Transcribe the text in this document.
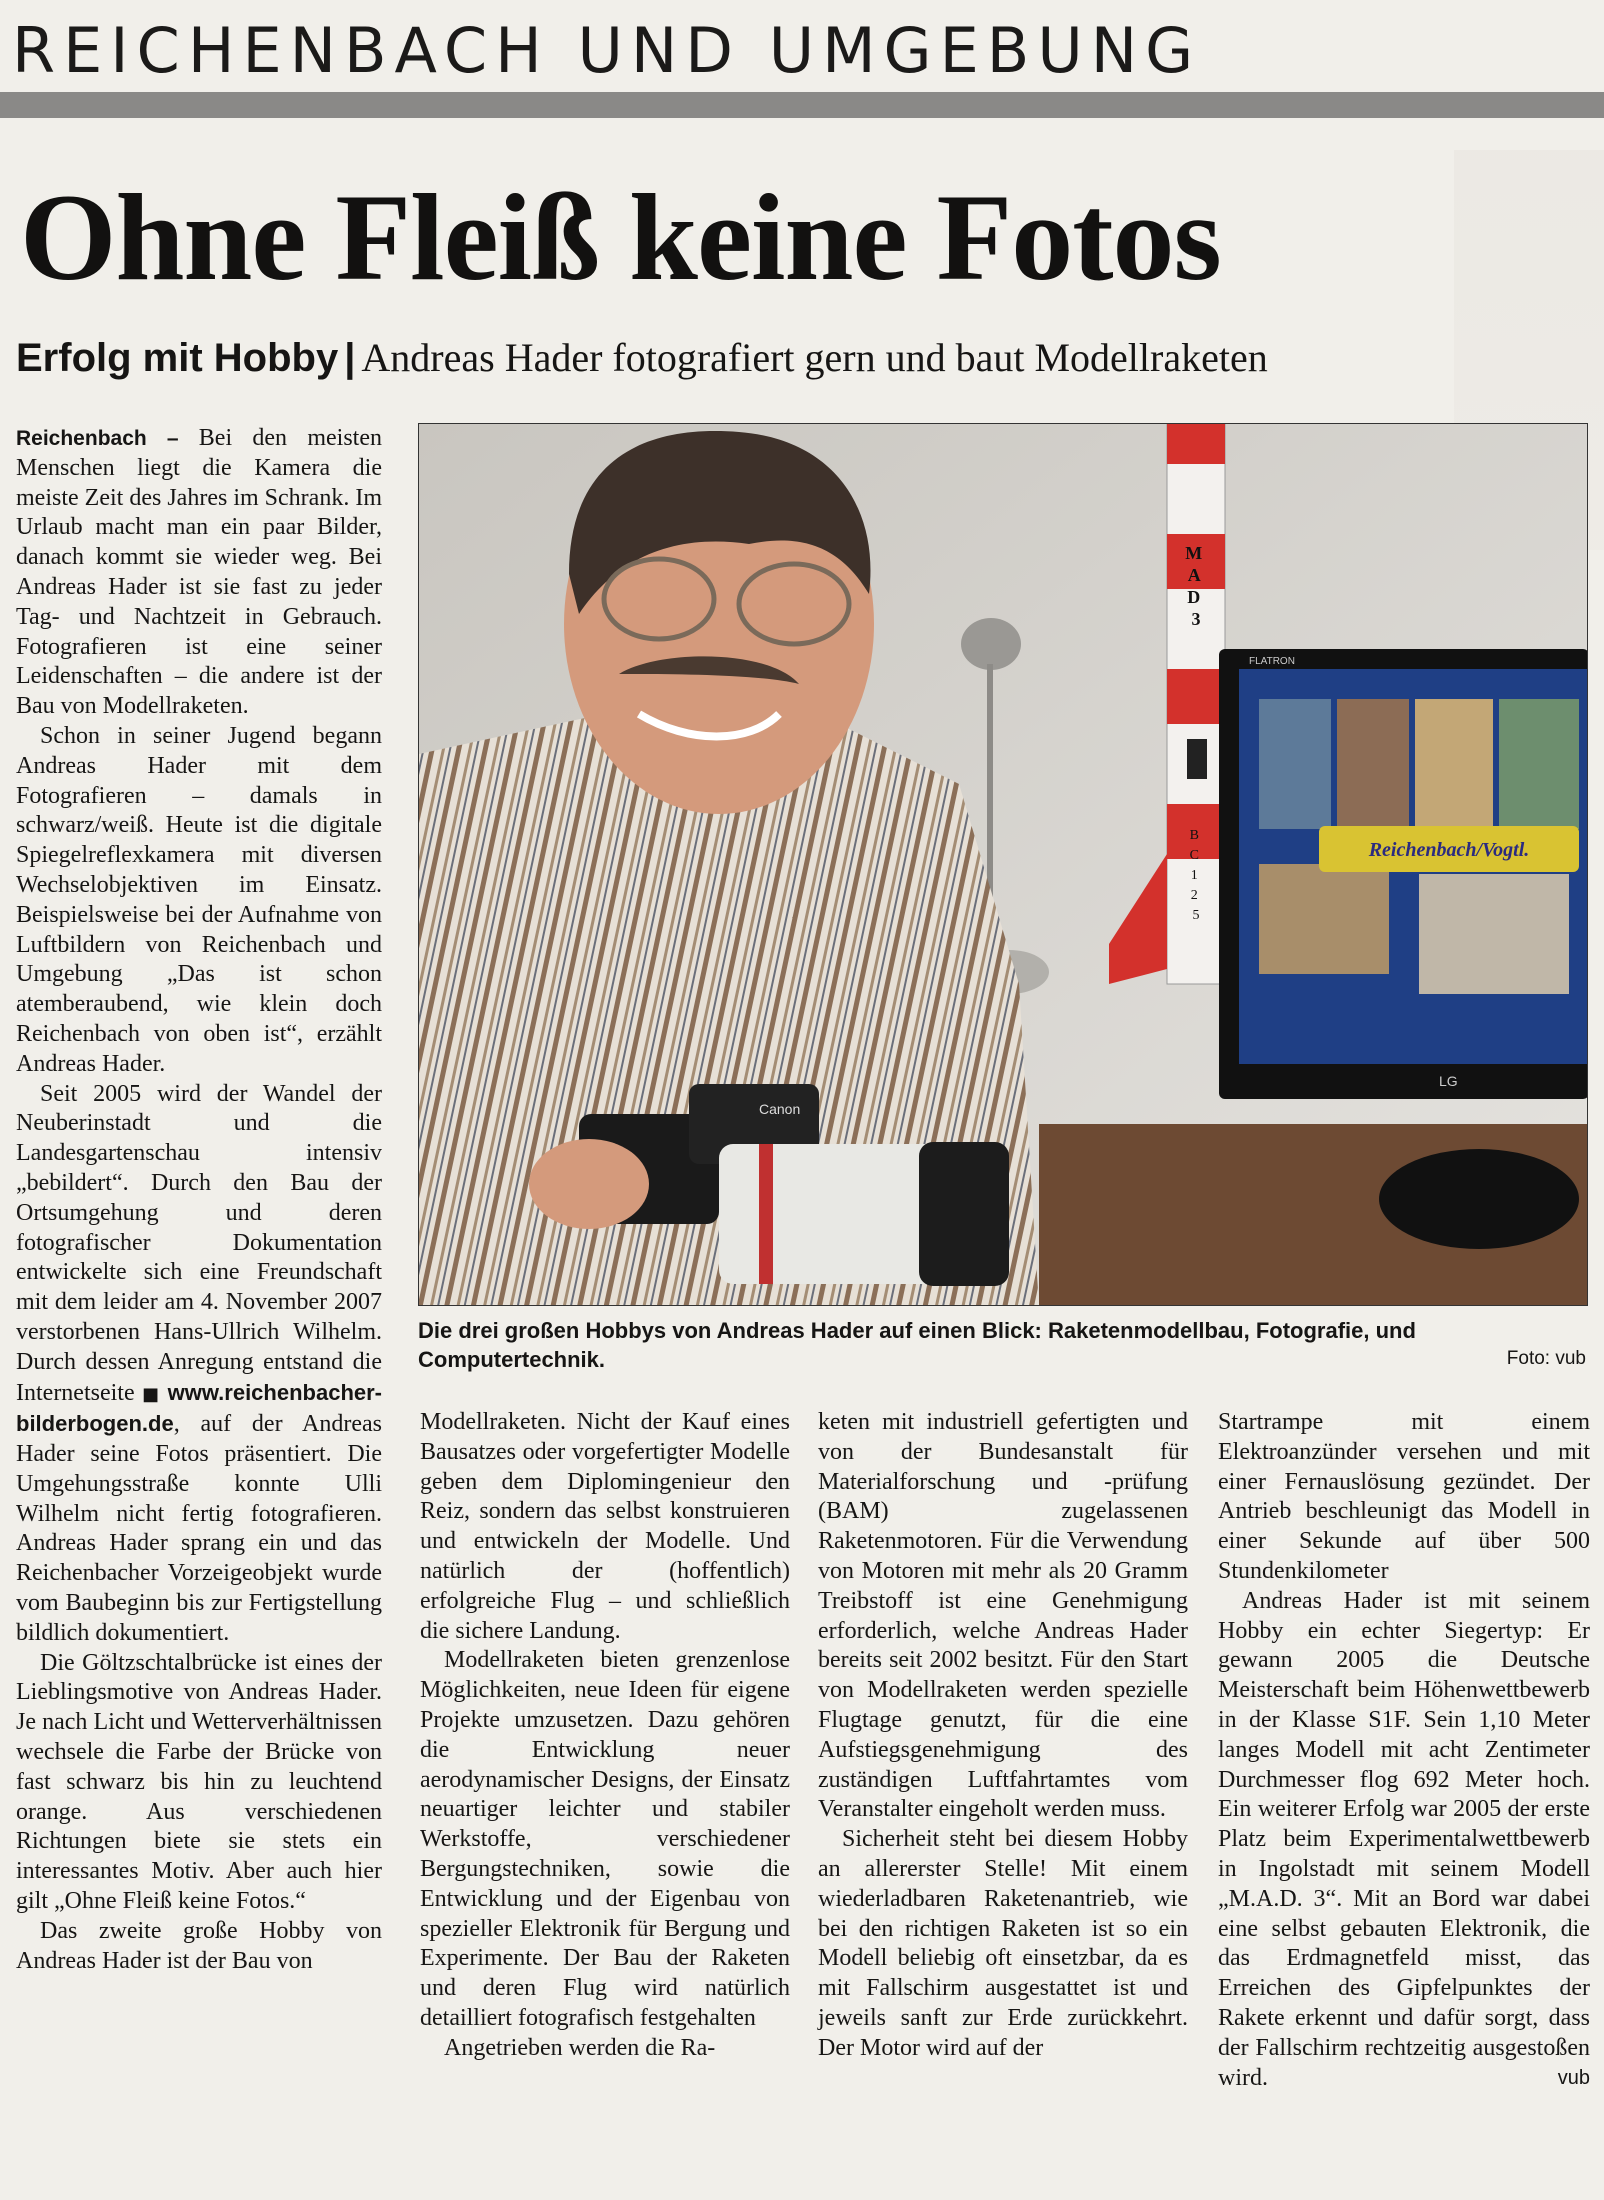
REICHENBACH UND UMGEBUNG
Ohne Fleiß keine Fotos
Erfolg mit Hobby | Andreas Hader fotografiert gern und baut Modellraketen

Reichenbach – Bei den meisten Menschen liegt die Kamera die meiste Zeit des Jahres im Schrank. Im Urlaub macht man ein paar Bilder, danach kommt sie wieder weg. Bei Andreas Hader ist sie fast zu jeder Tag- und Nachtzeit in Gebrauch. Fotografieren ist eine seiner Leidenschaften – die andere ist der Bau von Modellraketen.

Schon in seiner Jugend begann Andreas Hader mit dem Fotografieren – damals in schwarz/weiß. Heute ist die digitale Spiegelreflexkamera mit diversen Wechselobjektiven im Einsatz. Beispielsweise bei der Aufnahme von Luftbildern von Reichenbach und Umgebung „Das ist schon atemberaubend, wie klein doch Reichenbach von oben ist“, erzählt Andreas Hader.

Seit 2005 wird der Wandel der Neuberinstadt und die Landesgartenschau intensiv „bebildert“. Durch den Bau der Ortsumgehung und deren fotografischer Dokumentation entwickelte sich eine Freundschaft mit dem leider am 4. November 2007 verstorbenen Hans-Ullrich Wilhelm. Durch dessen Anregung entstand die Internetseite ■ www.reichenbacher-bilderbogen.de, auf der Andreas Hader seine Fotos präsentiert. Die Umgehungsstraße konnte Ulli Wilhelm nicht fertig fotografieren. Andreas Hader sprang ein und das Reichenbacher Vorzeigeobjekt wurde vom Baubeginn bis zur Fertigstellung bildlich dokumentiert.

Die Göltzschtalbrücke ist eines der Lieblingsmotive von Andreas Hader. Je nach Licht und Wetterverhältnissen wechsele die Farbe der Brücke von fast schwarz bis hin zu leuchtend orange. Aus verschiedenen Richtungen biete sie stets ein interessantes Motiv. Aber auch hier gilt „Ohne Fleiß keine Fotos.“

Das zweite große Hobby von Andreas Hader ist der Bau von

M A D 3
B C 1 2 5
Reichenbach/Vogtl.
FLATRON
LG
Canon
Die drei großen Hobbys von Andreas Hader auf einen Blick: Raketenmodellbau, Fotografie, und Computertechnik.	Foto: vub

Modellraketen. Nicht der Kauf eines Bausatzes oder vorgefertigter Modelle geben dem Diplomingenieur den Reiz, sondern das selbst konstruieren und entwickeln der Modelle. Und natürlich der (hoffentlich) erfolgreiche Flug – und schließlich die sichere Landung.

Modellraketen bieten grenzenlose Möglichkeiten, neue Ideen für eigene Projekte umzusetzen. Dazu gehören die Entwicklung neuer aerodynamischer Designs, der Einsatz neuartiger leichter und stabiler Werkstoffe, verschiedener Bergungstechniken, sowie die Entwicklung und der Eigenbau von spezieller Elektronik für Bergung und Experimente. Der Bau der Raketen und deren Flug wird natürlich detailliert fotografisch festgehalten

Angetrieben werden die Ra-

keten mit industriell gefertigten und von der Bundesanstalt für Materialforschung und -prüfung (BAM) zugelassenen Raketenmotoren. Für die Verwendung von Motoren mit mehr als 20 Gramm Treibstoff ist eine Genehmigung erforderlich, welche Andreas Hader bereits seit 2002 besitzt. Für den Start von Modellraketen werden spezielle Flugtage genutzt, für die eine Aufstiegsgenehmigung des zuständigen Luftfahrtamtes vom Veranstalter eingeholt werden muss.

Sicherheit steht bei diesem Hobby an allererster Stelle! Mit einem wiederladbaren Raketenantrieb, wie bei den richtigen Raketen ist so ein Modell beliebig oft einsetzbar, da es mit Fallschirm ausgestattet ist und jeweils sanft zur Erde zurückkehrt. Der Motor wird auf der

Startrampe mit einem Elektroanzünder versehen und mit einer Fernauslösung gezündet. Der Antrieb beschleunigt das Modell in einer Sekunde auf über 500 Stundenkilometer

Andreas Hader ist mit seinem Hobby ein echter Siegertyp: Er gewann 2005 die Deutsche Meisterschaft beim Höhenwettbewerb in der Klasse S1F. Sein 1,10 Meter langes Modell mit acht Zentimeter Durchmesser flog 692 Meter hoch. Ein weiterer Erfolg war 2005 der erste Platz beim Experimentalwettbewerb in Ingolstadt mit seinem Modell „M.A.D. 3“. Mit an Bord war dabei eine selbst gebauten Elektronik, die das Erdmagnetfeld misst, das Erreichen des Gipfelpunktes der Rakete erkennt und dafür sorgt, dass der Fallschirm rechtzeitig ausgestoßen wird.	vub
